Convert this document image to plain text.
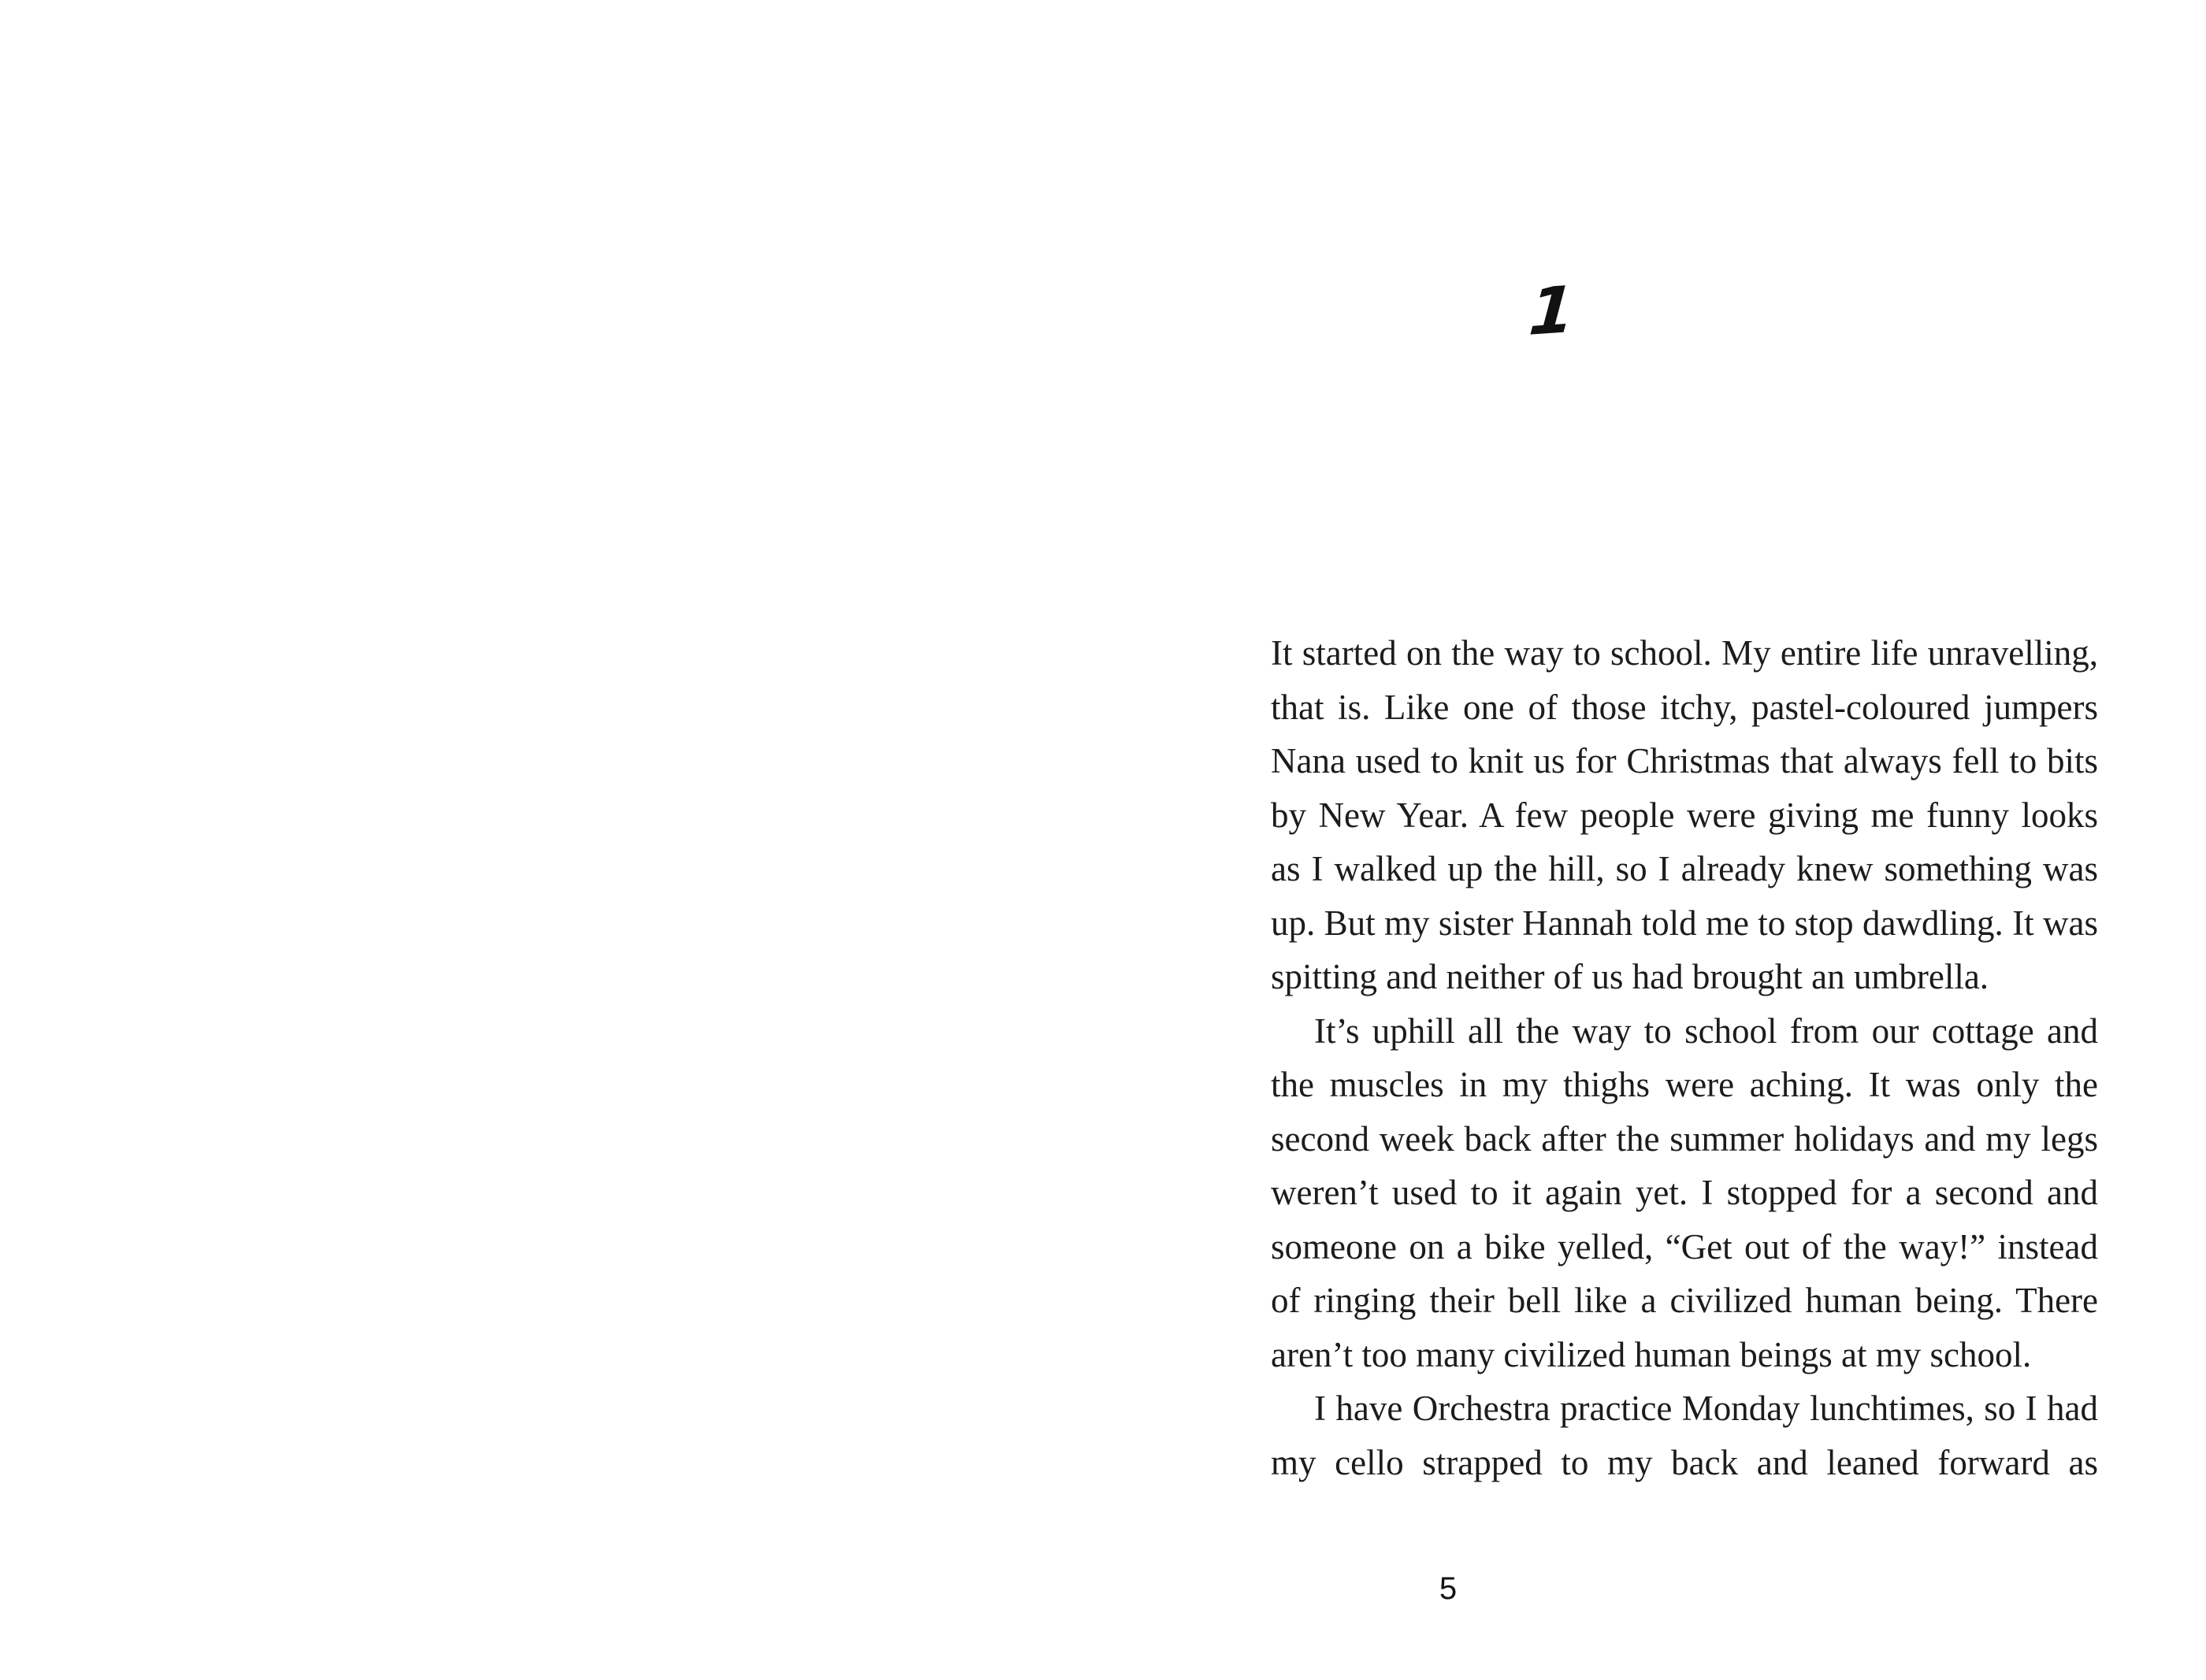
1

It started on the way to school. My entire life unravelling, that is. Like one of those itchy, pastel-coloured jumpers Nana used to knit us for Christmas that always fell to bits by New Year. A few people were giving me funny looks as I walked up the hill, so I already knew something was up. But my sister Hannah told me to stop dawdling. It was spitting and neither of us had brought an umbrella.

It’s uphill all the way to school from our cottage and the muscles in my thighs were aching. It was only the second week back after the summer holidays and my legs weren’t used to it again yet. I stopped for a second and someone on a bike yelled, “Get out of the way!” instead of ringing their bell like a civilized human being. There aren’t too many civilized human beings at my school.

I have Orchestra practice Monday lunchtimes, so I had my cello strapped to my back and leaned forward as

5
